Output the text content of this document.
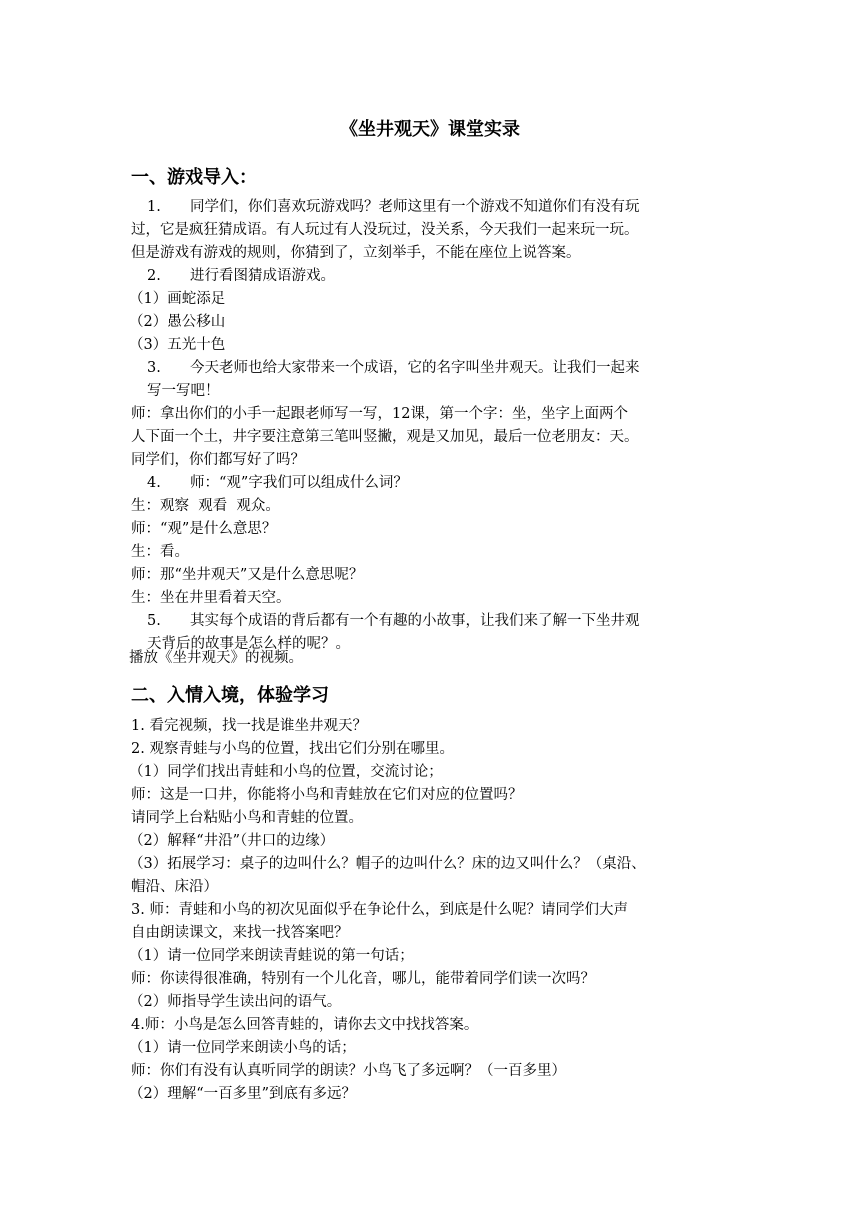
《坐井观天》课堂实录
一、游戏导入：

1. 同学们，你们喜欢玩游戏吗？老师这里有一个游戏不知道你们有没有玩

过，它是疯狂猜成语。有人玩过有人没玩过，没关系，今天我们一起来玩一玩。

但是游戏有游戏的规则，你猜到了，立刻举手，不能在座位上说答案。

2. 进行看图猜成语游戏。

（1）画蛇添足

（2）愚公移山

（3）五光十色

3. 今天老师也给大家带来一个成语，它的名字叫坐井观天。让我们一起来

写一写吧！

师：拿出你们的小手一起跟老师写一写，12课，第一个字：坐，坐字上面两个

人下面一个土，井字要注意第三笔叫竖撇，观是又加见，最后一位老朋友：天。

同学们，你们都写好了吗？

4. 师：“观”字我们可以组成什么词？

生：观察  观看  观众。

师：“观”是什么意思？

生：看。

师：那“坐井观天”又是什么意思呢？

生：坐在井里看着天空。

5. 其实每个成语的背后都有一个有趣的小故事，让我们来了解一下坐井观

天背后的故事是怎么样的呢？。

播放《坐井观天》的视频。
二、入情入境，体验学习

1. 看完视频，找一找是谁坐井观天？

2. 观察青蛙与小鸟的位置，找出它们分别在哪里。

（1）同学们找出青蛙和小鸟的位置，交流讨论；

师：这是一口井，你能将小鸟和青蛙放在它们对应的位置吗？

请同学上台粘贴小鸟和青蛙的位置。

（2）解释“井沿”（井口的边缘）

（3）拓展学习：桌子的边叫什么？帽子的边叫什么？床的边又叫什么？（桌沿、

帽沿、床沿）

3. 师：青蛙和小鸟的初次见面似乎在争论什么，到底是什么呢？请同学们大声

自由朗读课文，来找一找答案吧？

（1）请一位同学来朗读青蛙说的第一句话；

师：你读得很准确，特别有一个儿化音，哪儿，能带着同学们读一次吗？

（2）师指导学生读出问的语气。

4.师：小鸟是怎么回答青蛙的，请你去文中找找答案。

（1）请一位同学来朗读小鸟的话；

师：你们有没有认真听同学的朗读？小鸟飞了多远啊？（一百多里）

（2）理解“一百多里”到底有多远？
